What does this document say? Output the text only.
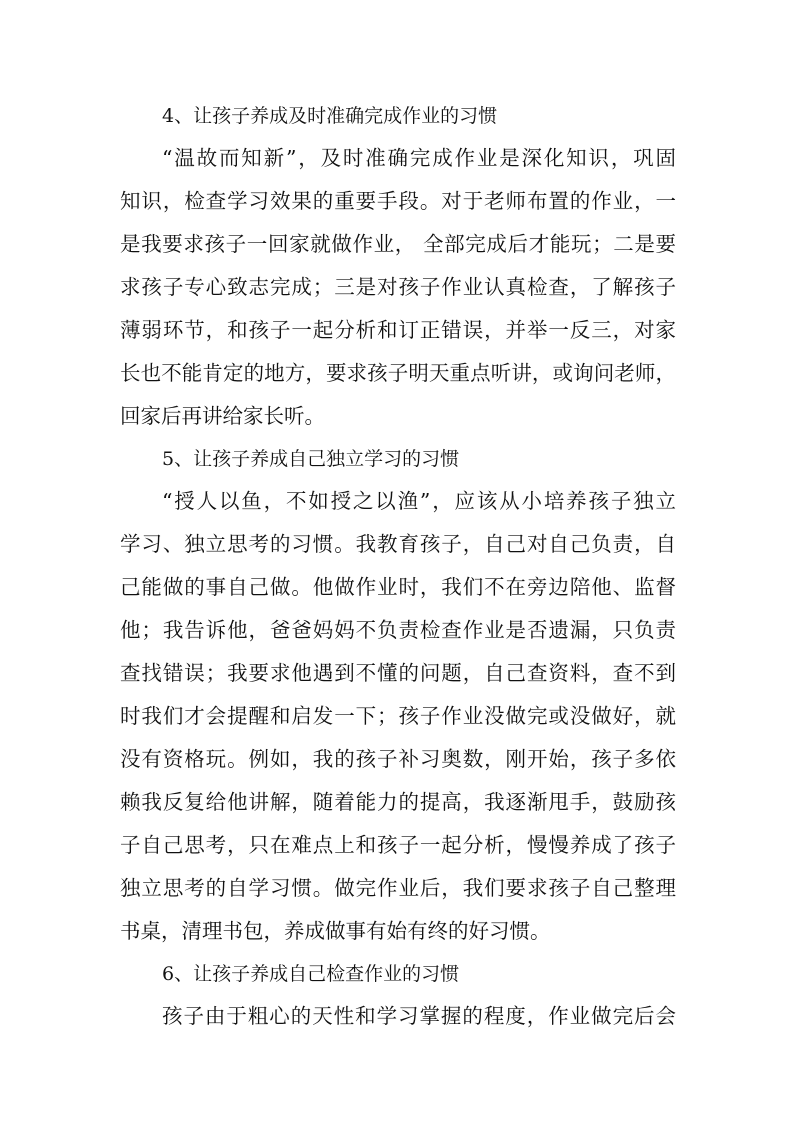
4、让孩子养成及时准确完成作业的习惯
“温故而知新”，及时准确完成作业是深化知识，巩固
知识，检查学习效果的重要手段。对于老师布置的作业，一
是我要求孩子一回家就做作业， 全部完成后才能玩；二是要
求孩子专心致志完成；三是对孩子作业认真检查，了解孩子
薄弱环节，和孩子一起分析和订正错误，并举一反三，对家
长也不能肯定的地方，要求孩子明天重点听讲，或询问老师，
回家后再讲给家长听。
5、让孩子养成自己独立学习的习惯
“授人以鱼，不如授之以渔”，应该从小培养孩子独立
学习、独立思考的习惯。我教育孩子，自己对自己负责，自
己能做的事自己做。他做作业时，我们不在旁边陪他、监督
他；我告诉他，爸爸妈妈不负责检查作业是否遗漏，只负责
查找错误；我要求他遇到不懂的问题，自己查资料，查不到
时我们才会提醒和启发一下；孩子作业没做完或没做好，就
没有资格玩。例如，我的孩子补习奥数，刚开始，孩子多依
赖我反复给他讲解，随着能力的提高，我逐渐甩手，鼓励孩
子自己思考，只在难点上和孩子一起分析，慢慢养成了孩子
独立思考的自学习惯。做完作业后，我们要求孩子自己整理
书桌，清理书包，养成做事有始有终的好习惯。
6、让孩子养成自己检查作业的习惯
孩子由于粗心的天性和学习掌握的程度，作业做完后会
